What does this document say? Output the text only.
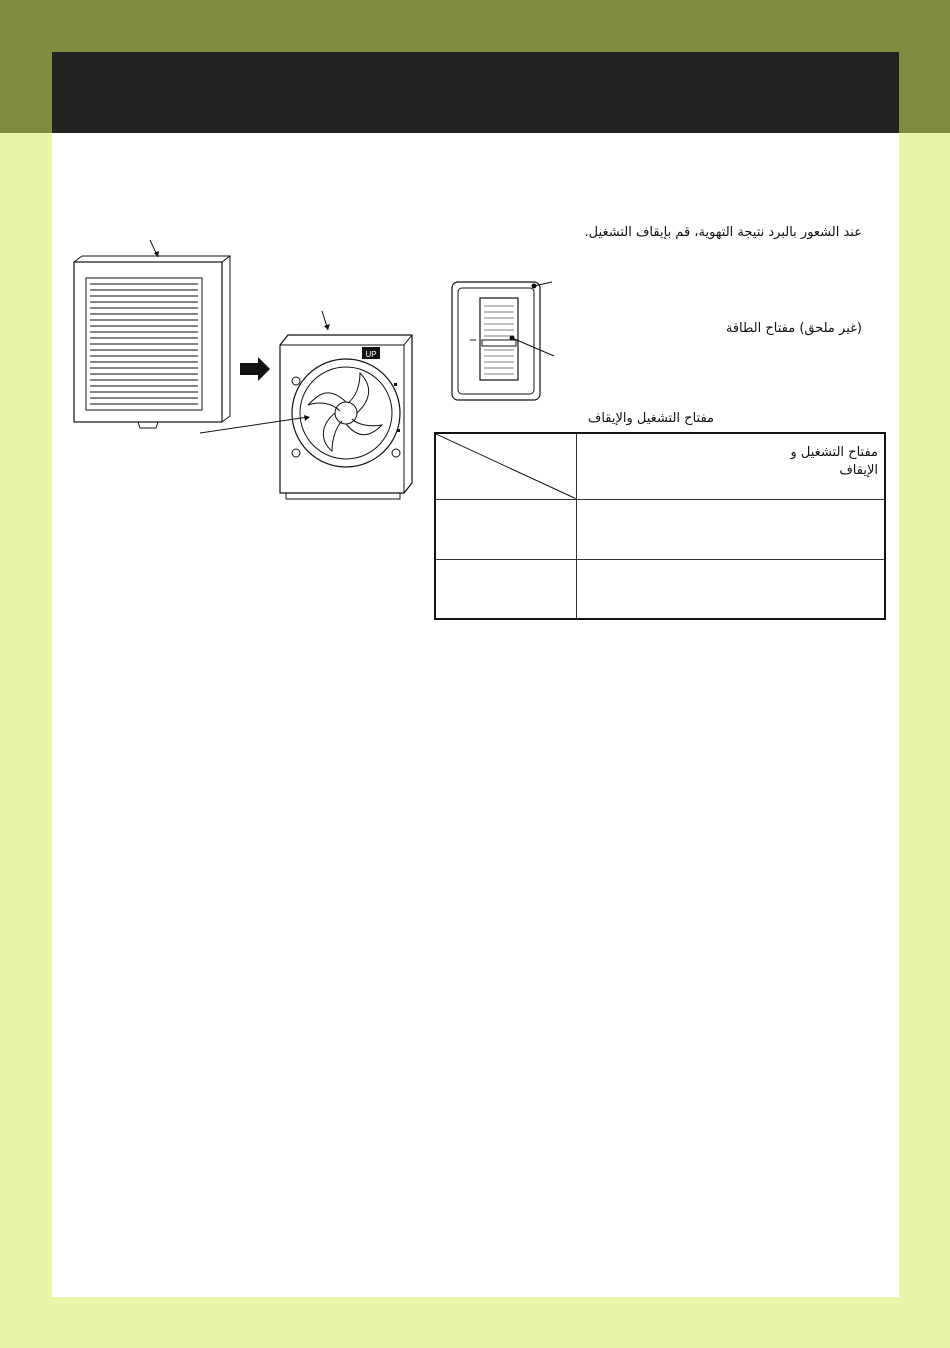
UP
عند الشعور بالبرد نتيجة التهوية، قم بإيقاف التشغيل.
(غير ملحق) مفتاح الطاقة
مفتاح التشغيل والإيقاف

مفتاح التشغيل و
الإيقاف
